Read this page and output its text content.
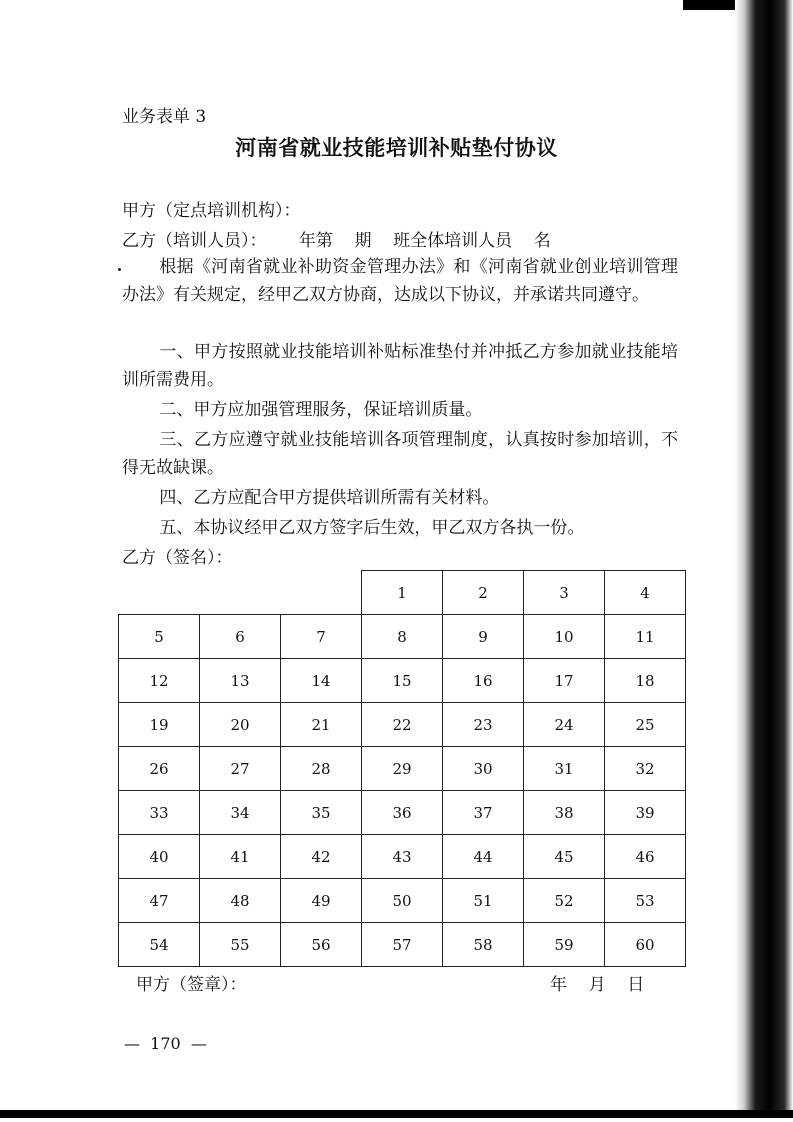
业务表单 3
河南省就业技能培训补贴垫付协议
甲方（定点培训机构）：
乙方（培训人员）：      年第    期    班全体培训人员    名

根据《河南省就业补助资金管理办法》和《河南省就业创业培训管理办法》有关规定，经甲乙双方协商，达成以下协议，并承诺共同遵守。

一、甲方按照就业技能培训补贴标准垫付并冲抵乙方参加就业技能培训所需费用。

二、甲方应加强管理服务，保证培训质量。

三、乙方应遵守就业技能培训各项管理制度，认真按时参加培训，不得无故缺课。

四、乙方应配合甲方提供培训所需有关材料。

五、本协议经甲乙双方签字后生效，甲乙双方各执一份。

乙方（签名）：
			1	2	3	4
5	6	7	8	9	10	11
12	13	14	15	16	17	18
19	20	21	22	23	24	25
26	27	28	29	30	31	32
33	34	35	36	37	38	39
40	41	42	43	44	45	46
47	48	49	50	51	52	53
54	55	56	57	58	59	60
甲方（签章）：	年    月    日
—  170  —
